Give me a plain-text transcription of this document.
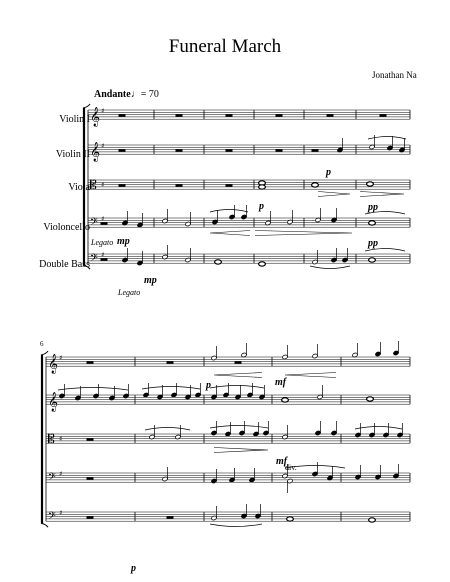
Funeral March
Jonathan Na
Andante♩= 70
Violin I
Violin II
Viola
Violoncello
Double Bass
6
p
p	pp
pp
Legato mp
mp
Legato
p	mf
mf
div.
p
𝄞 ♯
𝄞 ♯
𝄡 ♯
𝄢 ♯
𝄢 ♯
𝄞 ♯
𝄞 ♯
𝄡 ♯
𝄢 ♯
𝄢 ♯
